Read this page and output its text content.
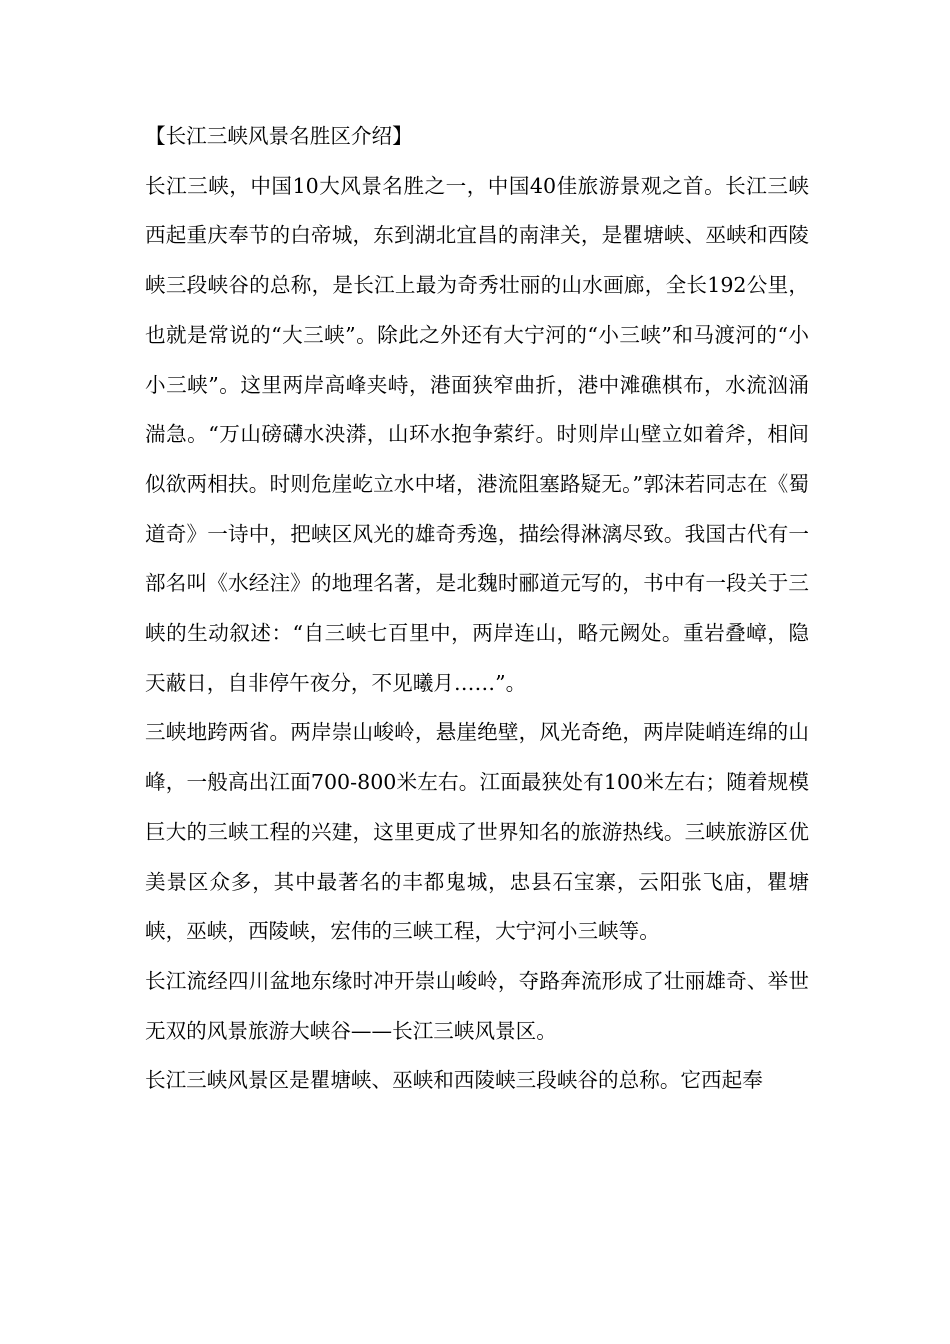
【长江三峡风景名胜区介绍】

长江三峡，中国10大风景名胜之一，中国40佳旅游景观之首。长江三峡西起重庆奉节的白帝城，东到湖北宜昌的南津关，是瞿塘峡、巫峡和西陵峡三段峡谷的总称，是长江上最为奇秀壮丽的山水画廊，全长192公里，也就是常说的“大三峡”。除此之外还有大宁河的“小三峡”和马渡河的“小小三峡”。这里两岸高峰夹峙，港面狭窄曲折，港中滩礁棋布，水流汹涌湍急。“万山磅礴水泱漭，山环水抱争萦纡。时则岸山壁立如着斧，相间似欲两相扶。时则危崖屹立水中堵，港流阻塞路疑无。”郭沫若同志在《蜀道奇》一诗中，把峡区风光的雄奇秀逸，描绘得淋漓尽致。我国古代有一部名叫《水经注》的地理名著，是北魏时郦道元写的，书中有一段关于三峡的生动叙述：“自三峡七百里中，两岸连山，略元阙处。重岩叠嶂，隐天蔽日，自非停午夜分，不见曦月……”。

三峡地跨两省。两岸崇山峻岭，悬崖绝壁，风光奇绝，两岸陡峭连绵的山峰，一般高出江面700-800米左右。江面最狭处有100米左右；随着规模巨大的三峡工程的兴建，这里更成了世界知名的旅游热线。三峡旅游区优美景区众多，其中最著名的丰都鬼城，忠县石宝寨，云阳张飞庙，瞿塘峡，巫峡，西陵峡，宏伟的三峡工程，大宁河小三峡等。

长江流经四川盆地东缘时冲开崇山峻岭，夺路奔流形成了壮丽雄奇、举世无双的风景旅游大峡谷——长江三峡风景区。

长江三峡风景区是瞿塘峡、巫峡和西陵峡三段峡谷的总称。它西起奉
